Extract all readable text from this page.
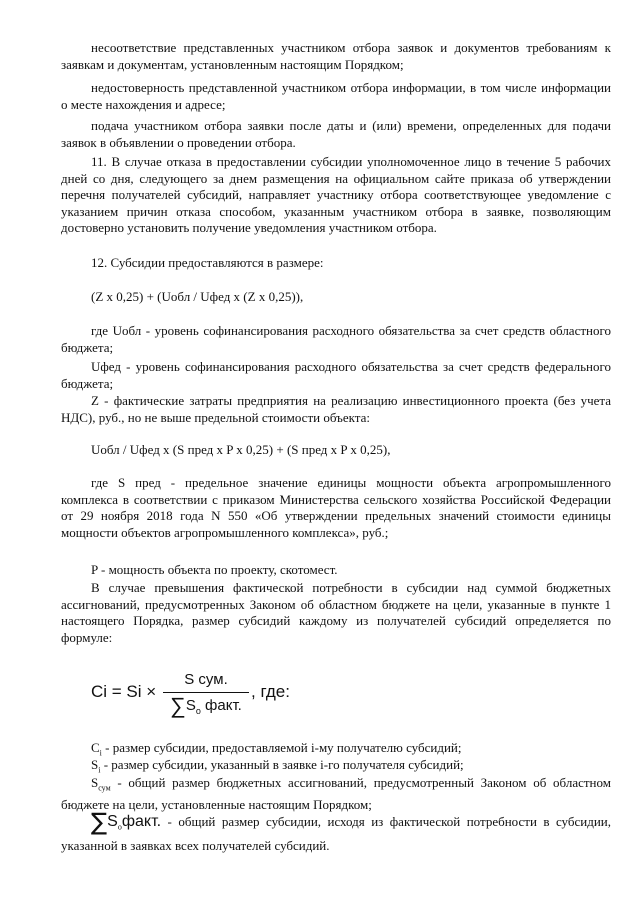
несоответствие представленных участником отбора заявок и документов требованиям к заявкам и документам, установленным настоящим Порядком;

недостоверность представленной участником отбора информации, в том числе информации о месте нахождения и адресе;

подача участником отбора заявки после даты и (или) времени, определенных для подачи заявок в объявлении о проведении отбора.

11. В случае отказа в предоставлении субсидии уполномоченное лицо в течение 5 рабочих дней со дня, следующего за днем размещения на официальном сайте приказа об утверждении перечня получателей субсидий, направляет участнику отбора соответствующее уведомление с указанием причин отказа способом, указанным участником отбора в заявке, позволяющим достоверно установить получение уведомления участником отбора.

12. Субсидии предоставляются в размере:

(Z x 0,25) + (Uобл / Uфед x (Z x 0,25)),

где Uобл - уровень софинансирования расходного обязательства за счет средств областного бюджета;

Uфед - уровень софинансирования расходного обязательства за счет средств федерального бюджета;

Z - фактические затраты предприятия на реализацию инвестиционного проекта (без учета НДС), руб., но не выше предельной стоимости объекта:

Uобл / Uфед x (S пред x P x 0,25) + (S пред x P x 0,25),

где S пред - предельное значение единицы мощности объекта агропромышленного комплекса в соответствии с приказом Министерства сельского хозяйства Российской Федерации от 29 ноября 2018 года N 550 «Об утверждении предельных значений стоимости единицы мощности объектов агропромышленного комплекса», руб.;

P - мощность объекта по проекту, скотомест.

В случае превышения фактической потребности в субсидии над суммой бюджетных ассигнований, предусмотренных Законом об областном бюджете на цели, указанные в пункте 1 настоящего Порядка, размер субсидий каждому из получателей субсидий определяется по формуле:

Ci = Si ×
S сум.
$\sum S_o$ факт.
, где:

$C_i$ - размер субсидии, предоставляемой i-му получателю субсидий;

$S_i$ - размер субсидии, указанный в заявке i-го получателя субсидий;

$S_{сум}$ - общий размер бюджетных ассигнований, предусмотренный Законом об областном бюджете на цели, установленные настоящим Порядком;

$\sum S_oфакт$. - общий размер субсидии, исходя из фактической потребности в субсидии, указанной в заявках всех получателей субсидий.
